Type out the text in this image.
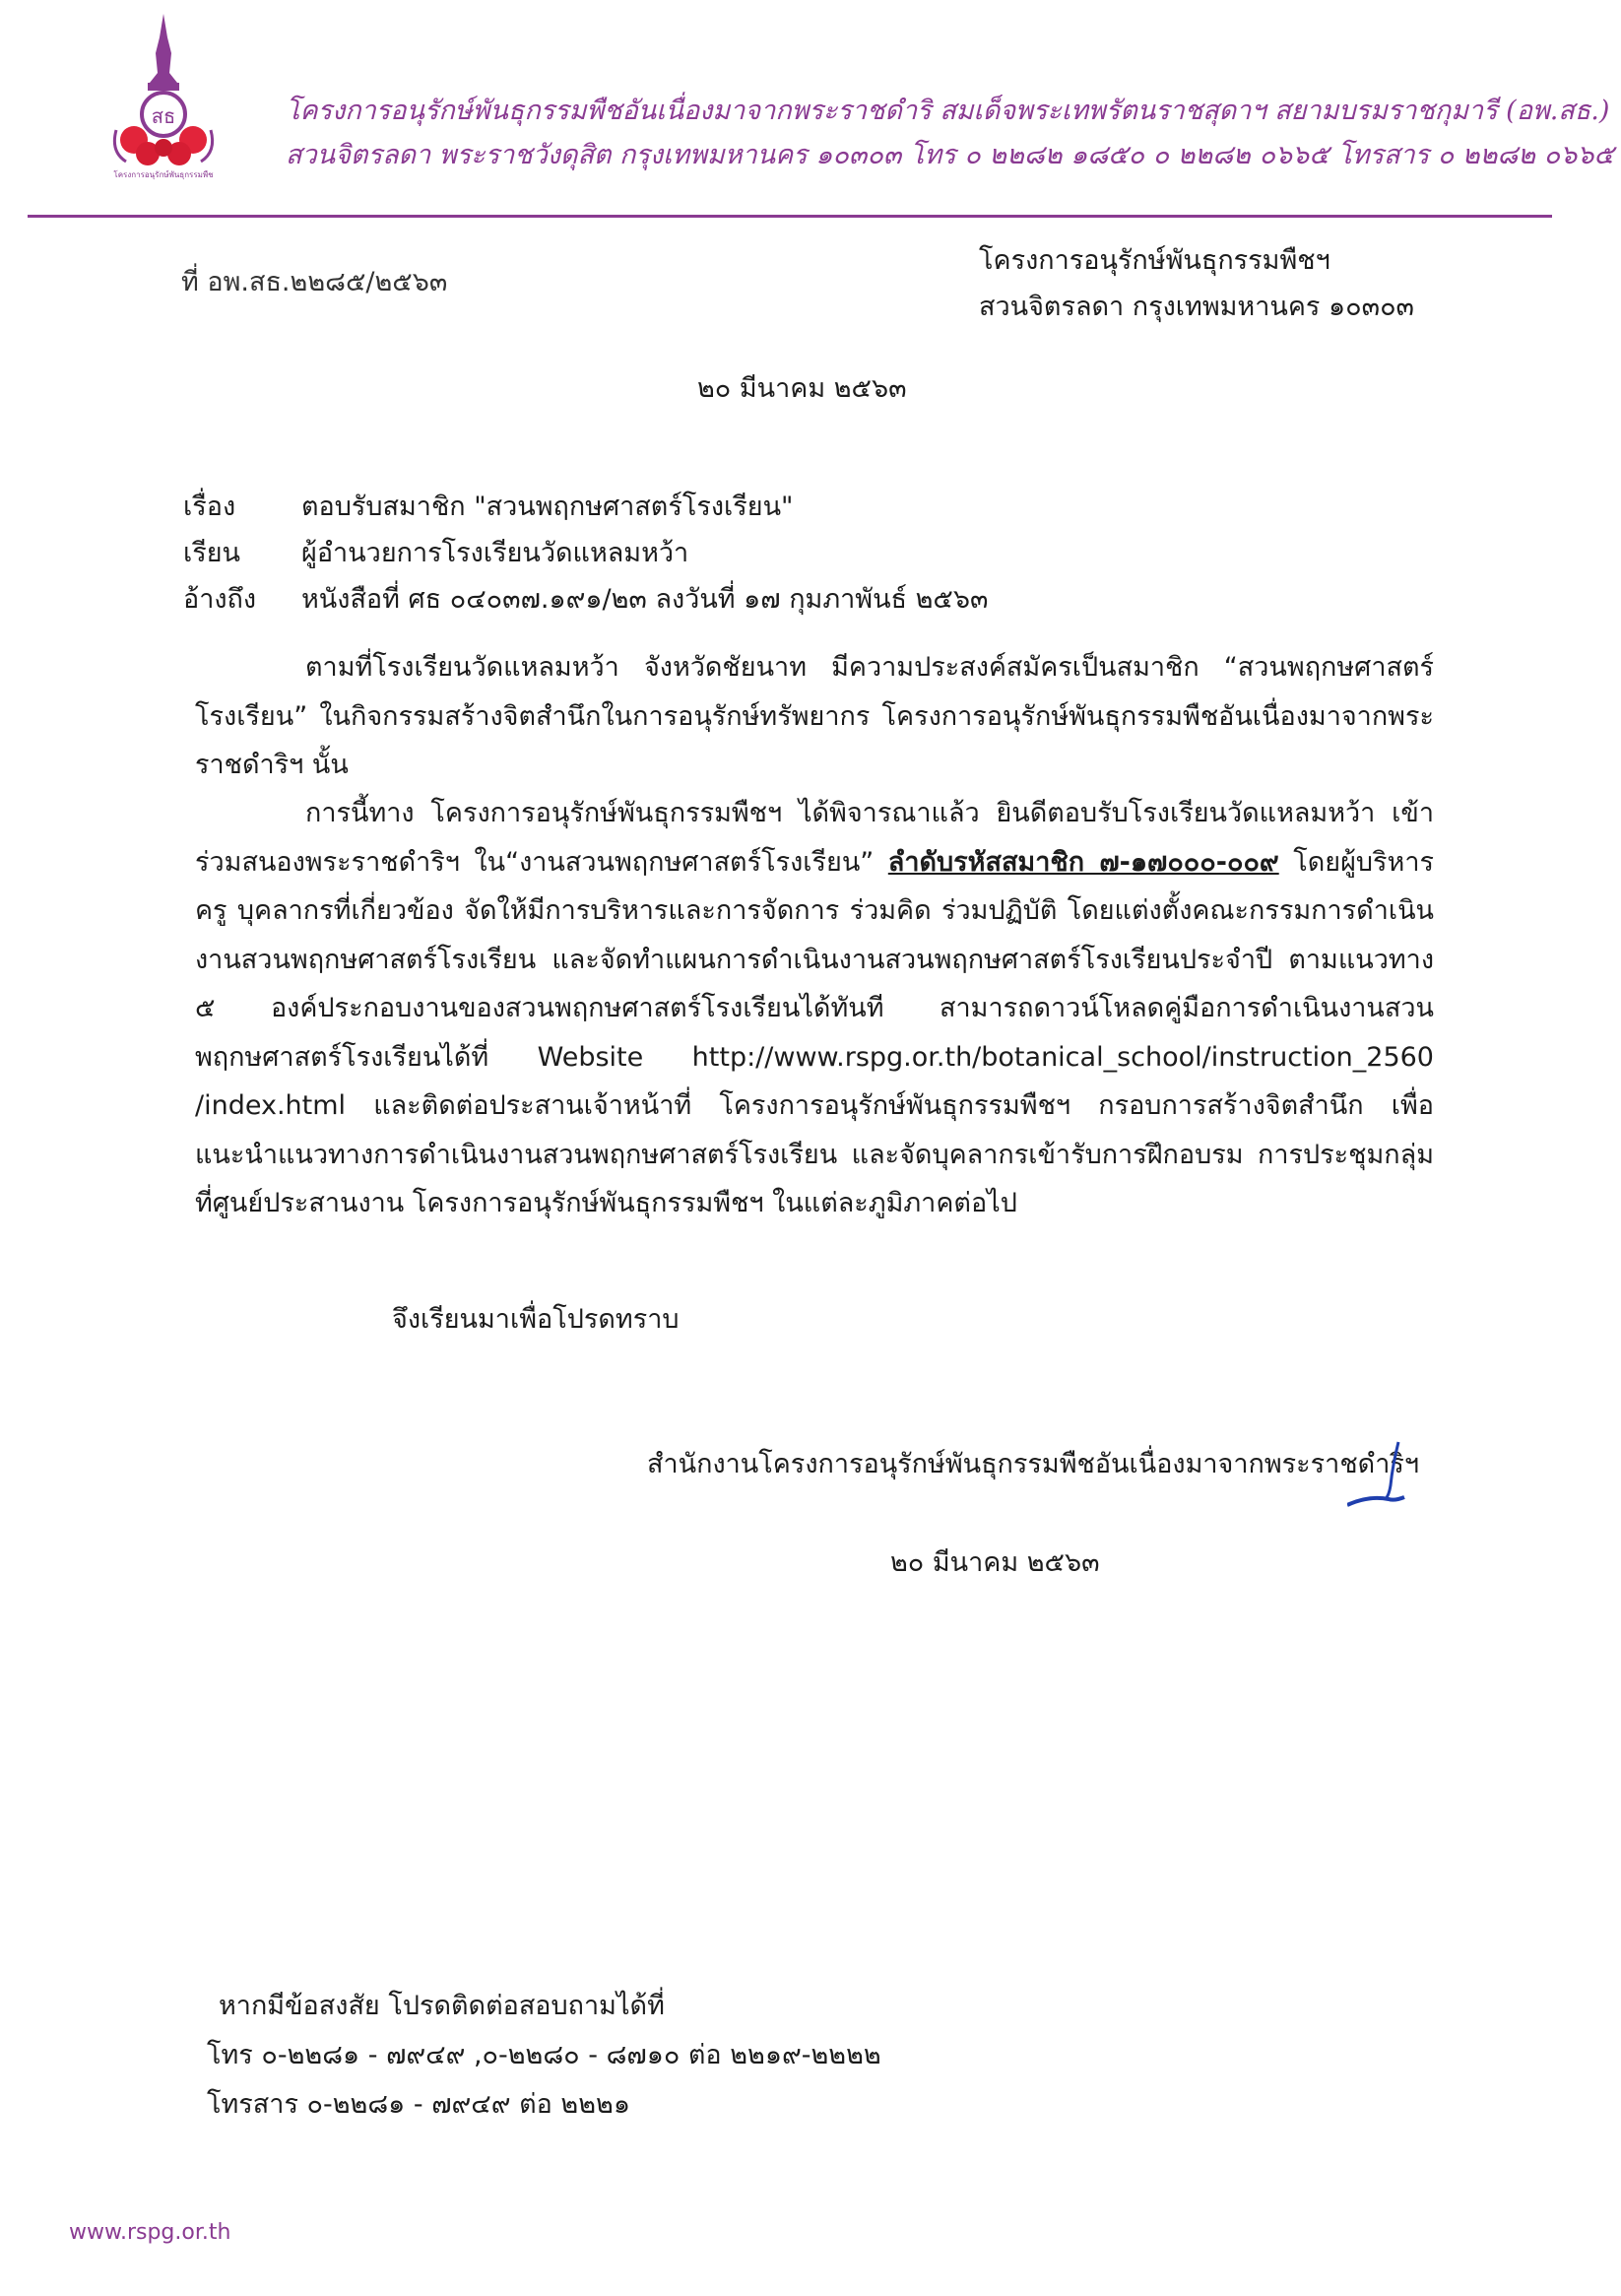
สธ
โครงการอนุรักษ์พันธุกรรมพืช
โครงการอนุรักษ์พันธุกรรมพืชอันเนื่องมาจากพระราชดำริ สมเด็จพระเทพรัตนราชสุดาฯ สยามบรมราชกุมารี (อพ.สธ.)
สวนจิตรลดา พระราชวังดุสิต กรุงเทพมหานคร ๑๐๓๐๓ โทร ๐ ๒๒๘๒ ๑๘๕๐ ๐ ๒๒๘๒ ๐๖๖๕ โทรสาร ๐ ๒๒๘๒ ๐๖๖๕
ที่ อพ.สธ.๒๒๘๕/๒๕๖๓
โครงการอนุรักษ์พันธุกรรมพืชฯ
สวนจิตรลดา กรุงเทพมหานคร ๑๐๓๐๓
๒๐ มีนาคม ๒๕๖๓
เรื่อง ตอบรับสมาชิก "สวนพฤกษศาสตร์โรงเรียน"
เรียน ผู้อำนวยการโรงเรียนวัดแหลมหว้า
อ้างถึง หนังสือที่ ศธ ๐๔๐๓๗.๑๙๑/๒๓ ลงวันที่ ๑๗ กุมภาพันธ์ ๒๕๖๓
ตามที่โรงเรียนวัดแหลมหว้า จังหวัดชัยนาท มีความประสงค์สมัครเป็นสมาชิก “สวนพฤกษศาสตร์โรงเรียน” ในกิจกรรมสร้างจิตสำนึกในการอนุรักษ์ทรัพยากร โครงการอนุรักษ์พันธุกรรมพืชอันเนื่องมาจากพระราชดำริฯ นั้น
การนี้ทาง โครงการอนุรักษ์พันธุกรรมพืชฯ ได้พิจารณาแล้ว ยินดีตอบรับโรงเรียนวัดแหลมหว้า เข้าร่วมสนองพระราชดำริฯ ใน“งานสวนพฤกษศาสตร์โรงเรียน” ลำดับรหัสสมาชิก ๗-๑๗๐๐๐-๐๐๙ โดยผู้บริหาร ครู บุคลากรที่เกี่ยวข้อง จัดให้มีการบริหารและการจัดการ ร่วมคิด ร่วมปฏิบัติ โดยแต่งตั้งคณะกรรมการดำเนินงานสวนพฤกษศาสตร์โรงเรียน และจัดทำแผนการดำเนินงานสวนพฤกษศาสตร์โรงเรียนประจำปี ตามแนวทาง ๕ องค์ประกอบงานของสวนพฤกษศาสตร์โรงเรียนได้ทันที สามารถดาวน์โหลดคู่มือการดำเนินงานสวนพฤกษศาสตร์โรงเรียนได้ที่ Website http://www.rspg.or.th/botanical_school/instruction_2560 /index.html และติดต่อประสานเจ้าหน้าที่ โครงการอนุรักษ์พันธุกรรมพืชฯ กรอบการสร้างจิตสำนึก เพื่อแนะนำแนวทางการดำเนินงานสวนพฤกษศาสตร์โรงเรียน และจัดบุคลากรเข้ารับการฝึกอบรม การประชุมกลุ่ม ที่ศูนย์ประสานงาน โครงการอนุรักษ์พันธุกรรมพืชฯ ในแต่ละภูมิภาคต่อไป
จึงเรียนมาเพื่อโปรดทราบ
สำนักงานโครงการอนุรักษ์พันธุกรรมพืชอันเนื่องมาจากพระราชดำริฯ
๒๐ มีนาคม ๒๕๖๓
หากมีข้อสงสัย โปรดติดต่อสอบถามได้ที่
โทร ๐-๒๒๘๑ - ๗๙๔๙ ,๐-๒๒๘๐ - ๘๗๑๐ ต่อ ๒๒๑๙-๒๒๒๒
โทรสาร ๐-๒๒๘๑ - ๗๙๔๙ ต่อ ๒๒๒๑
www.rspg.or.th
